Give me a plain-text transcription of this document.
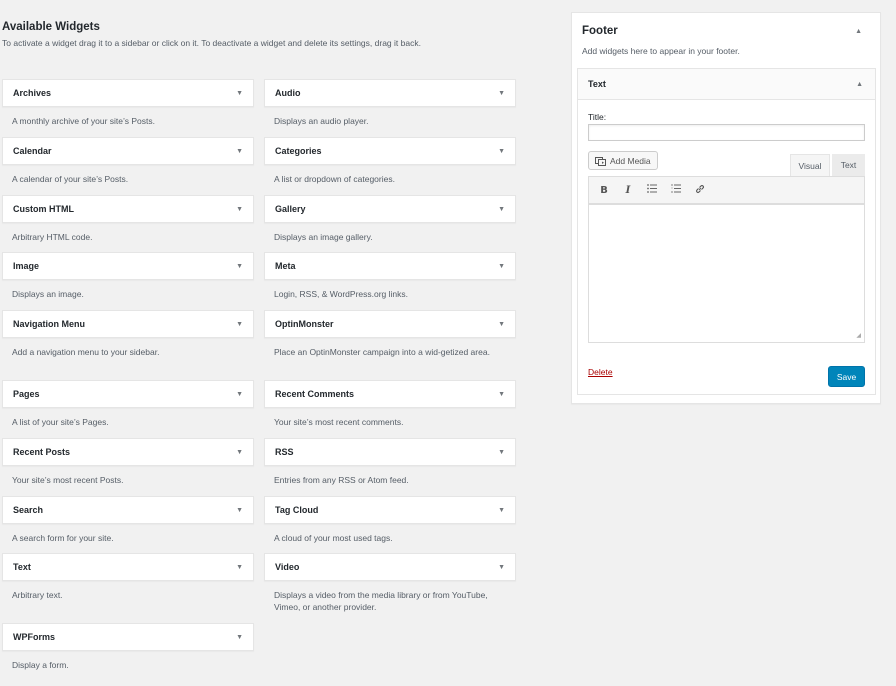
Available Widgets

To activate a widget drag it to a sidebar or click on it. To deactivate a widget and delete its settings, drag it back.

Archives	▼
A monthly archive of your site’s Posts.
Audio	▼
Displays an audio player.
Calendar	▼
A calendar of your site’s Posts.
Categories	▼
A list or dropdown of categories.
Custom HTML	▼
Arbitrary HTML code.
Gallery	▼
Displays an image gallery.
Image	▼
Displays an image.
Meta	▼
Login, RSS, & WordPress.org links.
Navigation Menu	▼
Add a navigation menu to your sidebar.
OptinMonster	▼
Place an OptinMonster campaign into a wid-getized area.
Pages	▼
A list of your site’s Pages.
Recent Comments	▼
Your site’s most recent comments.
Recent Posts	▼
Your site’s most recent Posts.
RSS	▼
Entries from any RSS or Atom feed.
Search	▼
A search form for your site.
Tag Cloud	▼
A cloud of your most used tags.
Text	▼
Arbitrary text.
Video	▼
Displays a video from the media library or from YouTube, Vimeo, or another provider.
WPForms	▼
Display a form.
Footer	▲
Add widgets here to appear in your footer.
Text	▲
Title:
Add Media	Visual	Text
B	I
◢
Delete	Save
